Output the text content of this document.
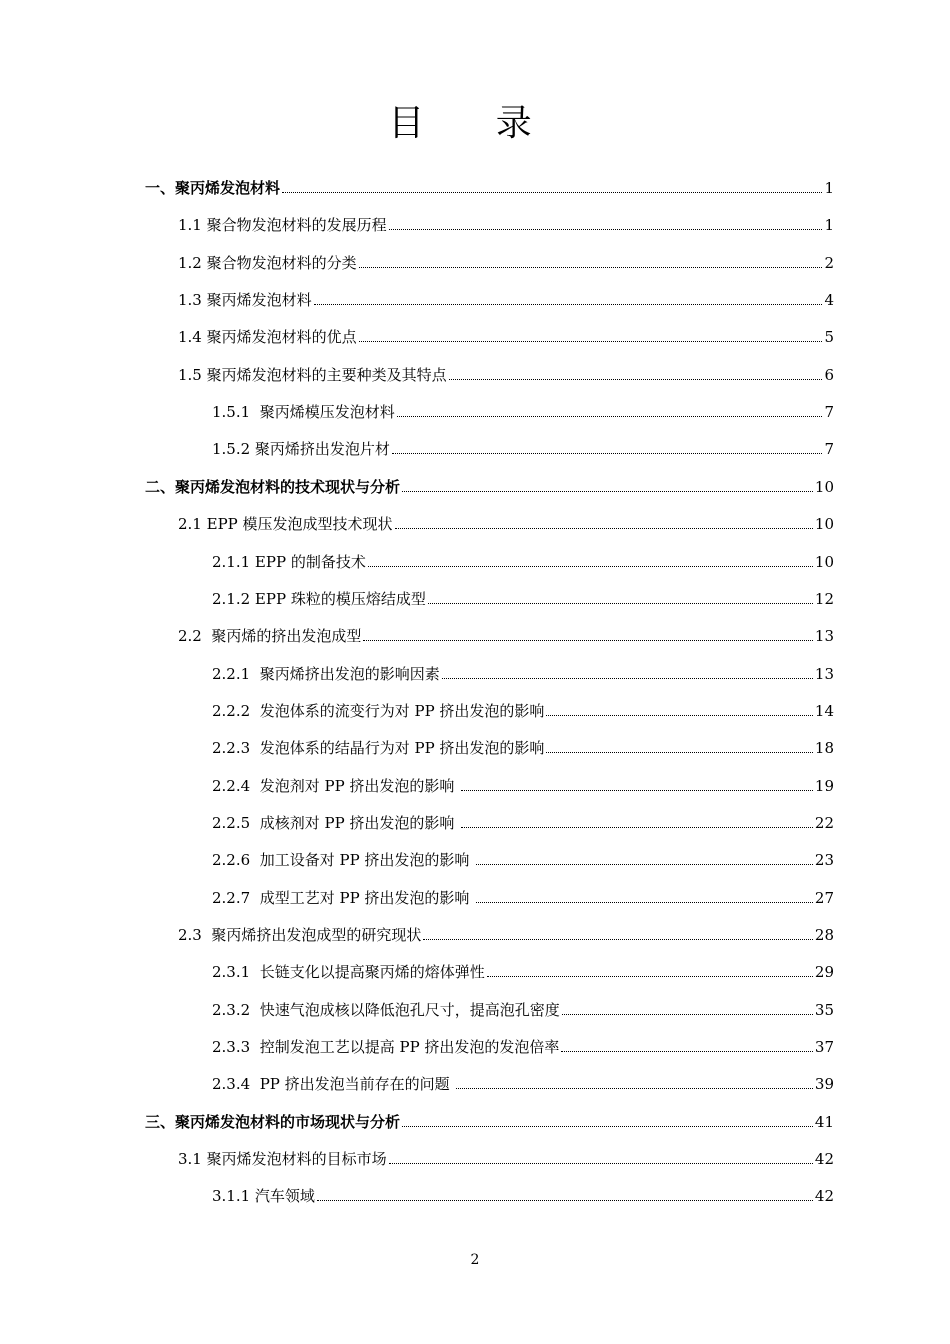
目 录
一、聚丙烯发泡材料	1
1.1 聚合物发泡材料的发展历程	1
1.2 聚合物发泡材料的分类	2
1.3 聚丙烯发泡材料	4
1.4 聚丙烯发泡材料的优点	5
1.5 聚丙烯发泡材料的主要种类及其特点	6
1.5.1  聚丙烯模压发泡材料	7
1.5.2 聚丙烯挤出发泡片材	7
二、聚丙烯发泡材料的技术现状与分析	10
2.1 EPP 模压发泡成型技术现状	10
2.1.1 EPP 的制备技术	10
2.1.2 EPP 珠粒的模压熔结成型	12
2.2  聚丙烯的挤出发泡成型	13
2.2.1  聚丙烯挤出发泡的影响因素	13
2.2.2  发泡体系的流变行为对 PP 挤出发泡的影响	14
2.2.3  发泡体系的结晶行为对 PP 挤出发泡的影响	18
2.2.4  发泡剂对 PP 挤出发泡的影响	19
2.2.5  成核剂对 PP 挤出发泡的影响	22
2.2.6  加工设备对 PP 挤出发泡的影响	23
2.2.7  成型工艺对 PP 挤出发泡的影响	27
2.3  聚丙烯挤出发泡成型的研究现状	28
2.3.1  长链支化以提高聚丙烯的熔体弹性	29
2.3.2  快速气泡成核以降低泡孔尺寸，提高泡孔密度	35
2.3.3  控制发泡工艺以提高 PP 挤出发泡的发泡倍率	37
2.3.4  PP 挤出发泡当前存在的问题	39
三、聚丙烯发泡材料的市场现状与分析	41
3.1 聚丙烯发泡材料的目标市场	42
3.1.1 汽车领域	42
2
